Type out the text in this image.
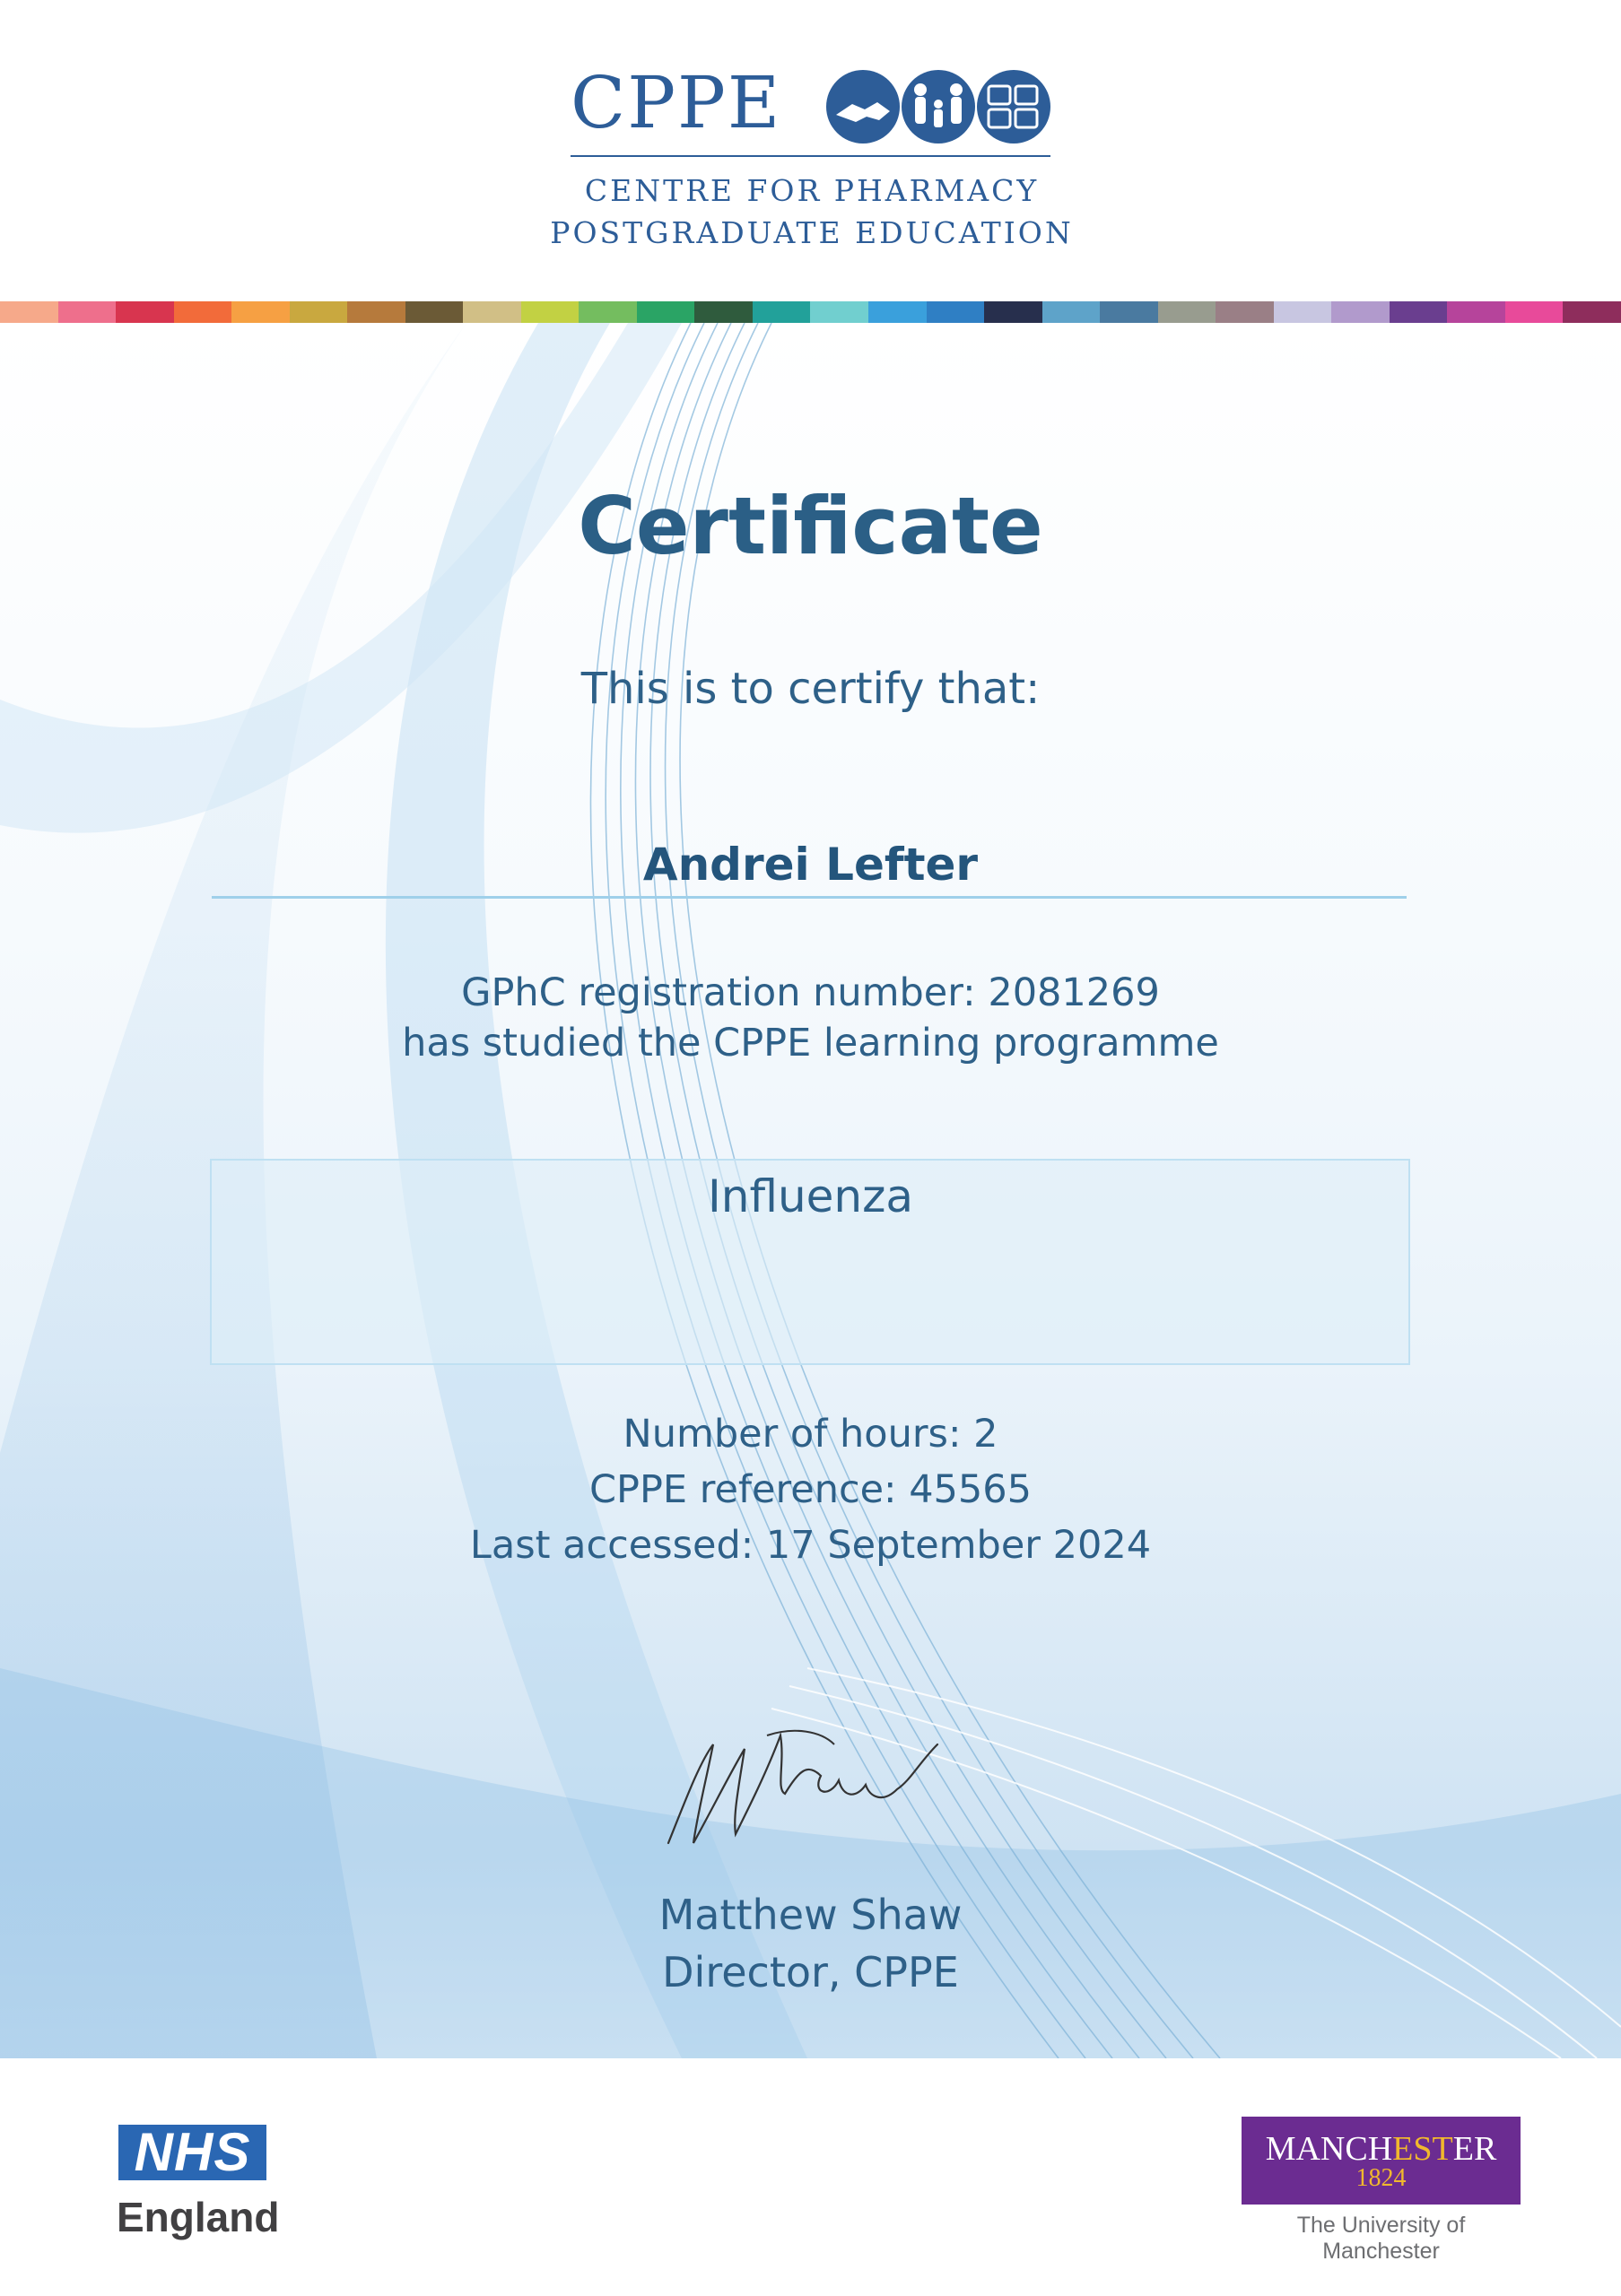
CPPE
CENTRE FOR PHARMACY
POSTGRADUATE EDUCATION
Certificate
This is to certify that:
Andrei Lefter
GPhC registration number: 2081269
has studied the CPPE learning programme
Influenza
Number of hours: 2
CPPE reference: 45565
Last accessed: 17 September 2024
Matthew Shaw
Director, CPPE
NHS
England
MANCHESTER
1824
The University of Manchester
